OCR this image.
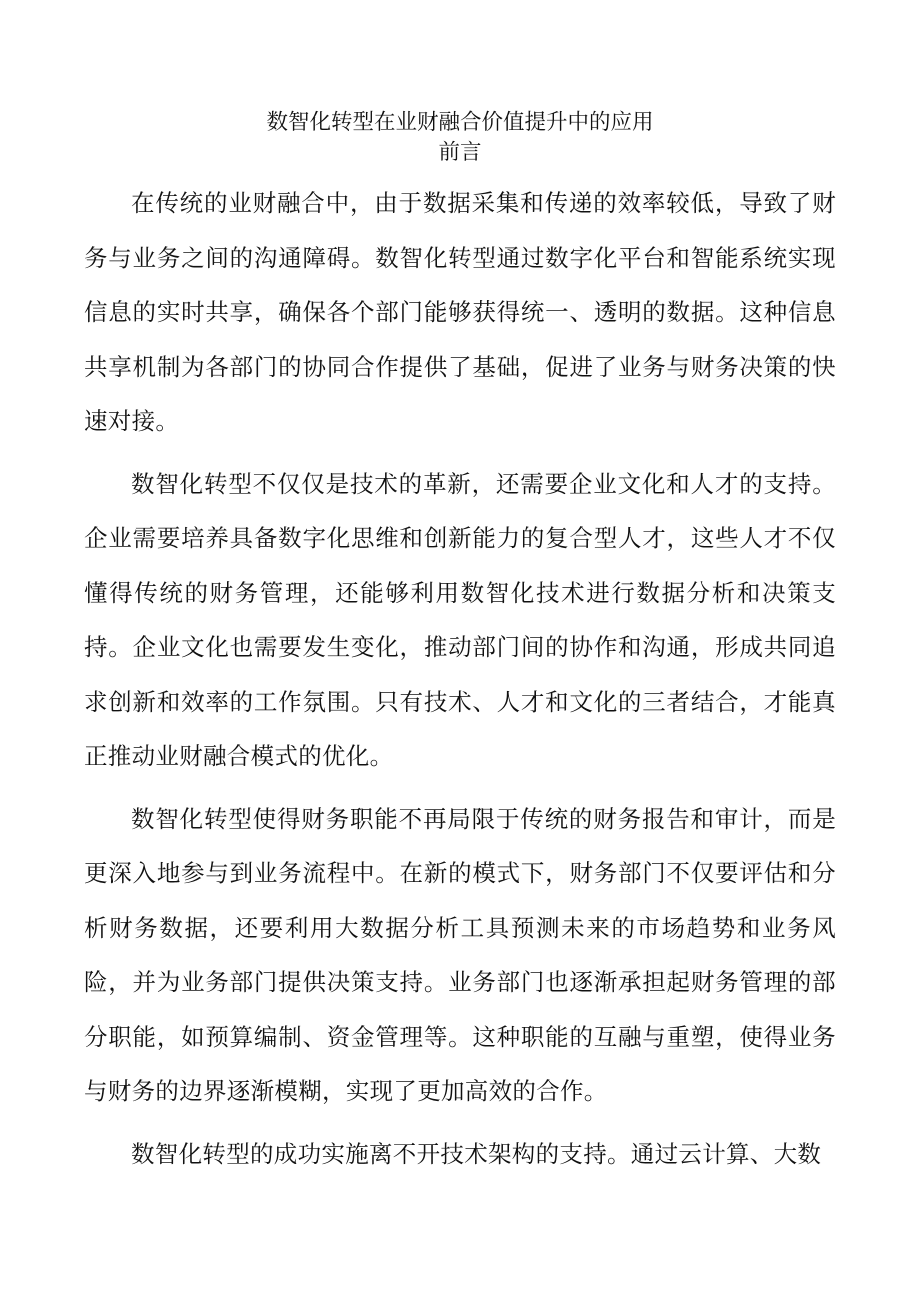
数智化转型在业财融合价值提升中的应用
前言

在传统的业财融合中，由于数据采集和传递的效率较低，导致了财务与业务之间的沟通障碍。数智化转型通过数字化平台和智能系统实现信息的实时共享，确保各个部门能够获得统一、透明的数据。这种信息共享机制为各部门的协同合作提供了基础，促进了业务与财务决策的快速对接。

数智化转型不仅仅是技术的革新，还需要企业文化和人才的支持。企业需要培养具备数字化思维和创新能力的复合型人才，这些人才不仅懂得传统的财务管理，还能够利用数智化技术进行数据分析和决策支持。企业文化也需要发生变化，推动部门间的协作和沟通，形成共同追求创新和效率的工作氛围。只有技术、人才和文化的三者结合，才能真正推动业财融合模式的优化。

数智化转型使得财务职能不再局限于传统的财务报告和审计，而是更深入地参与到业务流程中。在新的模式下，财务部门不仅要评估和分析财务数据，还要利用大数据分析工具预测未来的市场趋势和业务风险，并为业务部门提供决策支持。业务部门也逐渐承担起财务管理的部分职能，如预算编制、资金管理等。这种职能的互融与重塑，使得业务与财务的边界逐渐模糊，实现了更加高效的合作。

数智化转型的成功实施离不开技术架构的支持。通过云计算、大数
